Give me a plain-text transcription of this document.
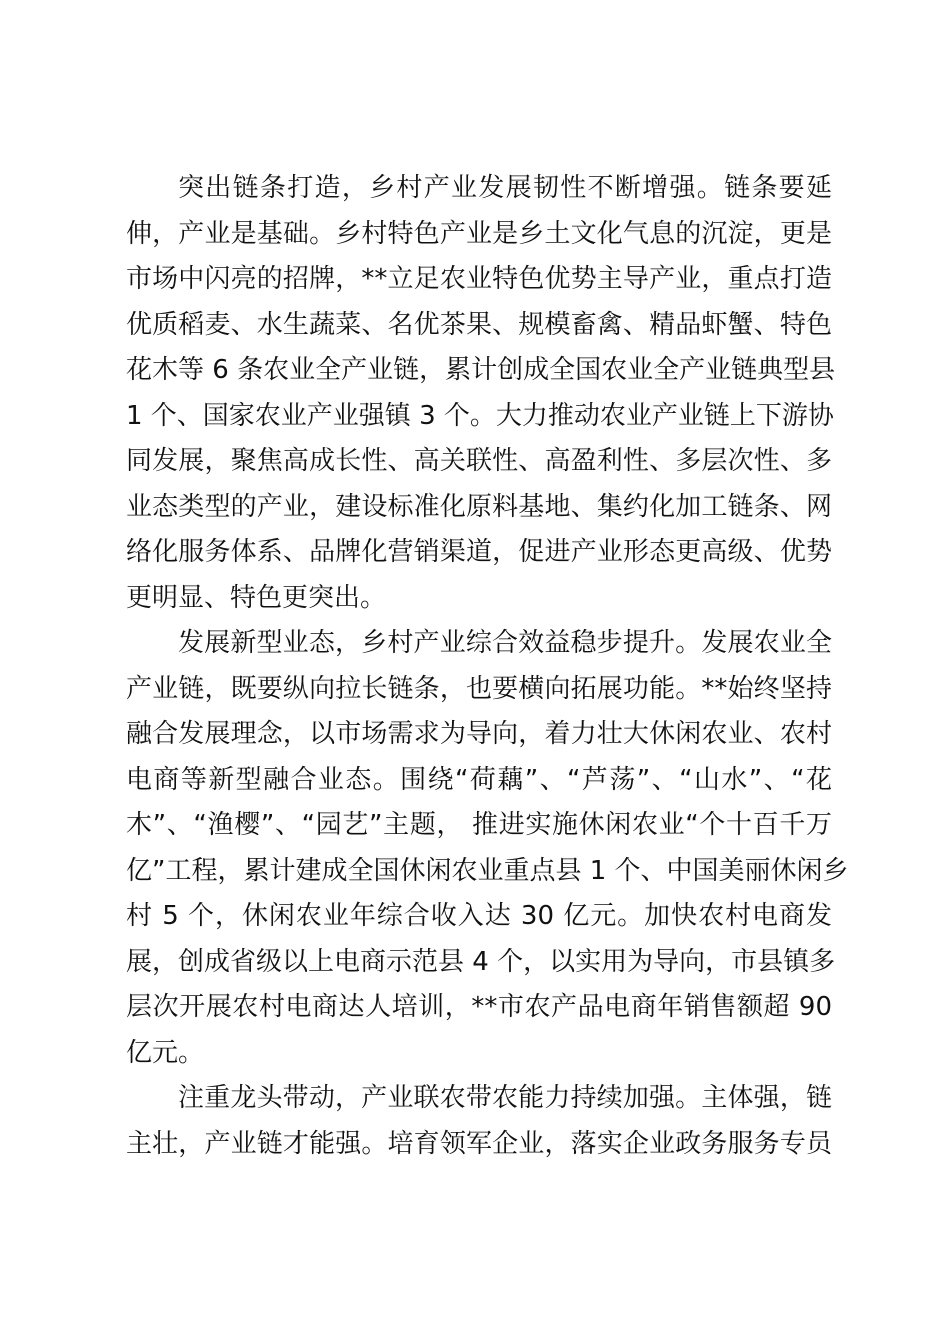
突出链条打造，乡村产业发展韧性不断增强。链条要延
伸，产业是基础。乡村特色产业是乡土文化气息的沉淀，更是
市场中闪亮的招牌，**立足农业特色优势主导产业，重点打造
优质稻麦、水生蔬菜、名优茶果、规模畜禽、精品虾蟹、特色
花木等 6 条农业全产业链，累计创成全国农业全产业链典型县
1 个、国家农业产业强镇 3 个。大力推动农业产业链上下游协
同发展，聚焦高成长性、高关联性、高盈利性、多层次性、多
业态类型的产业，建设标准化原料基地、集约化加工链条、网
络化服务体系、品牌化营销渠道，促进产业形态更高级、优势
更明显、特色更突出。
发展新型业态，乡村产业综合效益稳步提升。发展农业全
产业链，既要纵向拉长链条，也要横向拓展功能。**始终坚持
融合发展理念，以市场需求为导向，着力壮大休闲农业、农村
电商等新型融合业态。围绕“荷藕”、“芦荡”、“山水”、“花
木”、“渔樱”、“园艺”主题， 推进实施休闲农业“个十百千万
亿”工程，累计建成全国休闲农业重点县 1 个、中国美丽休闲乡
村 5 个，休闲农业年综合收入达 30 亿元。加快农村电商发
展，创成省级以上电商示范县 4 个，以实用为导向，市县镇多
层次开展农村电商达人培训，**市农产品电商年销售额超 90
亿元。
注重龙头带动，产业联农带农能力持续加强。主体强，链
主壮，产业链才能强。培育领军企业，落实企业政务服务专员
